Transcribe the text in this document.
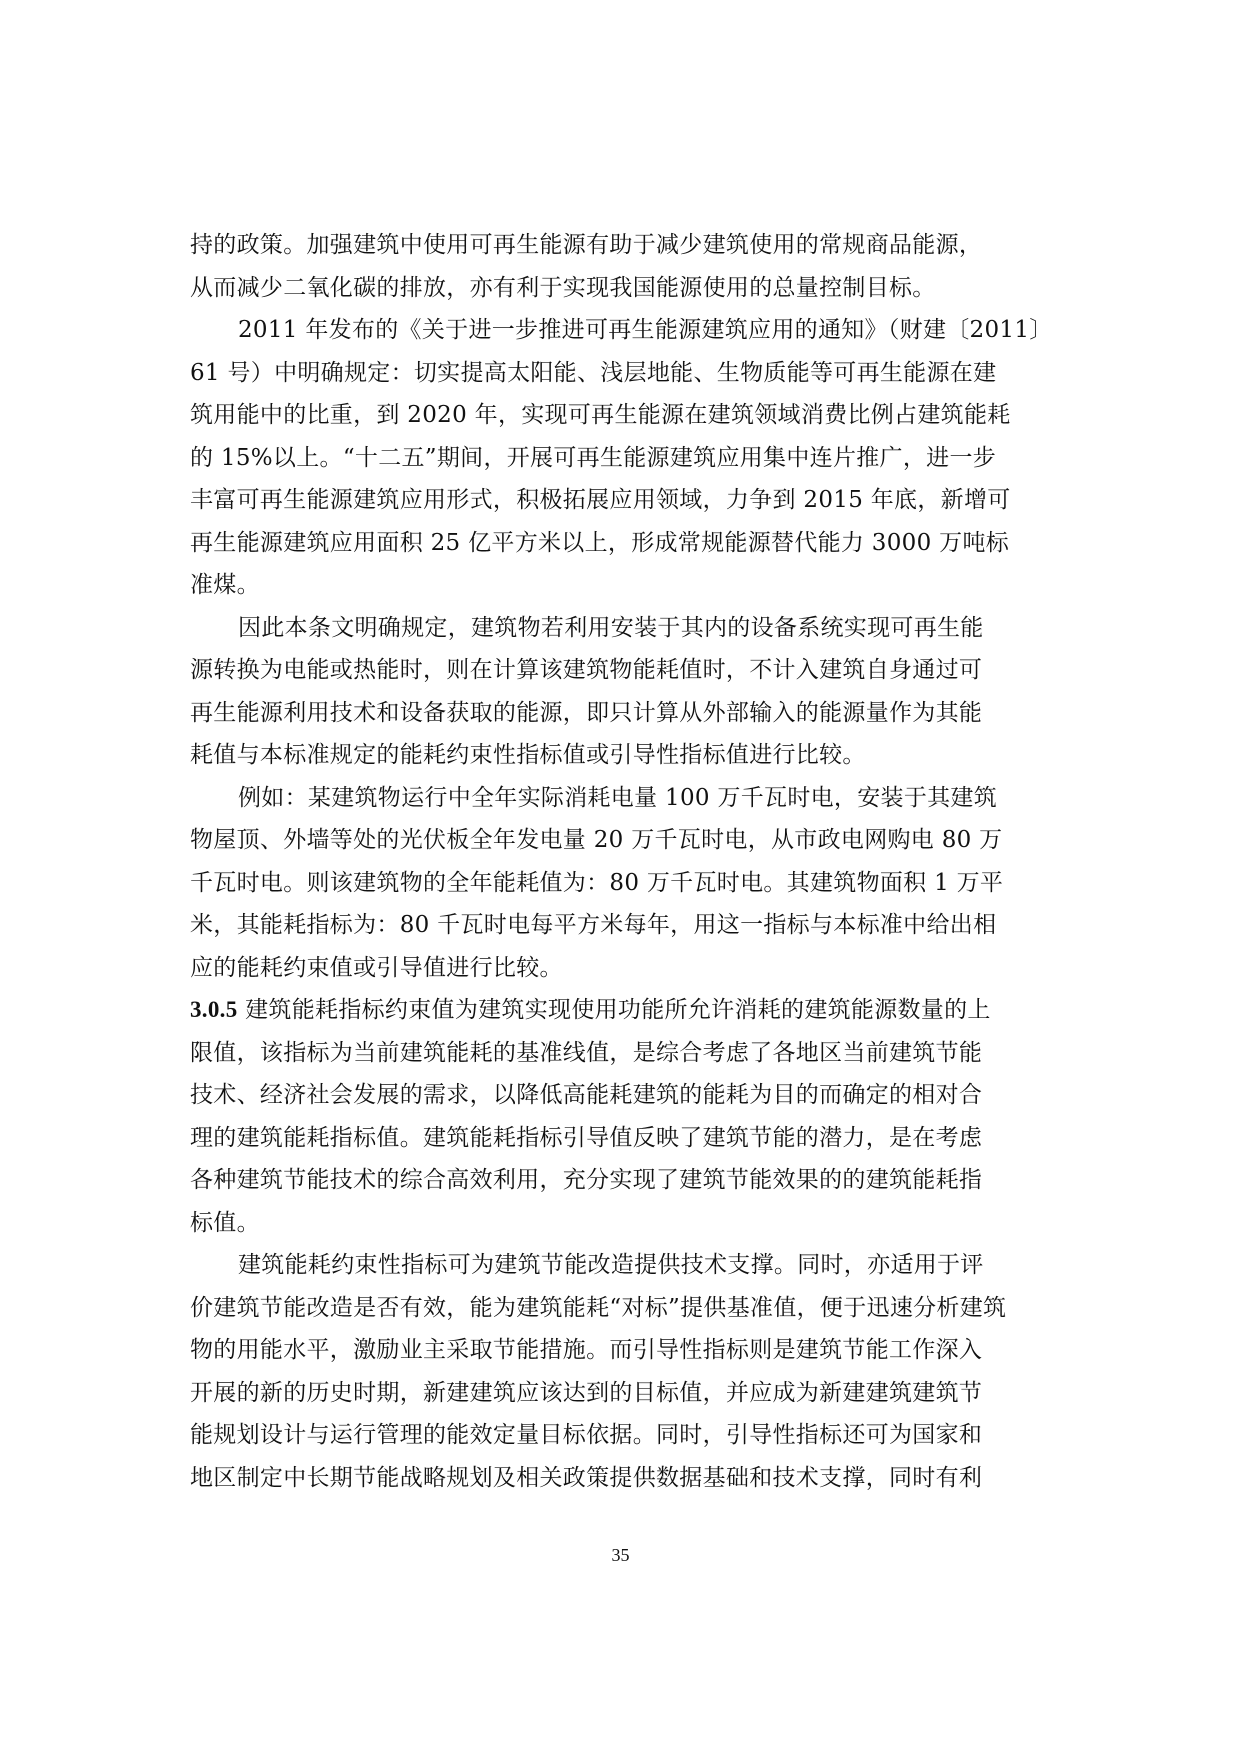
持的政策。加强建筑中使用可再生能源有助于减少建筑使用的常规商品能源，
从而减少二氧化碳的排放，亦有利于实现我国能源使用的总量控制目标。
2011 年发布的《关于进一步推进可再生能源建筑应用的通知》（财建〔2011〕
61 号）中明确规定：切实提高太阳能、浅层地能、生物质能等可再生能源在建
筑用能中的比重，到 2020 年，实现可再生能源在建筑领域消费比例占建筑能耗
的 15%以上。“十二五”期间，开展可再生能源建筑应用集中连片推广，进一步
丰富可再生能源建筑应用形式，积极拓展应用领域，力争到 2015 年底，新增可
再生能源建筑应用面积 25 亿平方米以上，形成常规能源替代能力 3000 万吨标
准煤。
因此本条文明确规定，建筑物若利用安装于其内的设备系统实现可再生能
源转换为电能或热能时，则在计算该建筑物能耗值时，不计入建筑自身通过可
再生能源利用技术和设备获取的能源，即只计算从外部输入的能源量作为其能
耗值与本标准规定的能耗约束性指标值或引导性指标值进行比较。
例如：某建筑物运行中全年实际消耗电量 100 万千瓦时电，安装于其建筑
物屋顶、外墙等处的光伏板全年发电量 20 万千瓦时电，从市政电网购电 80 万
千瓦时电。则该建筑物的全年能耗值为：80 万千瓦时电。其建筑物面积 1 万平
米，其能耗指标为：80 千瓦时电每平方米每年，用这一指标与本标准中给出相
应的能耗约束值或引导值进行比较。
3.0.5 建筑能耗指标约束值为建筑实现使用功能所允许消耗的建筑能源数量的上
限值，该指标为当前建筑能耗的基准线值，是综合考虑了各地区当前建筑节能
技术、经济社会发展的需求，以降低高能耗建筑的能耗为目的而确定的相对合
理的建筑能耗指标值。建筑能耗指标引导值反映了建筑节能的潜力，是在考虑
各种建筑节能技术的综合高效利用，充分实现了建筑节能效果的的建筑能耗指
标值。
建筑能耗约束性指标可为建筑节能改造提供技术支撑。同时，亦适用于评
价建筑节能改造是否有效，能为建筑能耗“对标”提供基准值，便于迅速分析建筑
物的用能水平，激励业主采取节能措施。而引导性指标则是建筑节能工作深入
开展的新的历史时期，新建建筑应该达到的目标值，并应成为新建建筑建筑节
能规划设计与运行管理的能效定量目标依据。同时，引导性指标还可为国家和
地区制定中长期节能战略规划及相关政策提供数据基础和技术支撑，同时有利
35
